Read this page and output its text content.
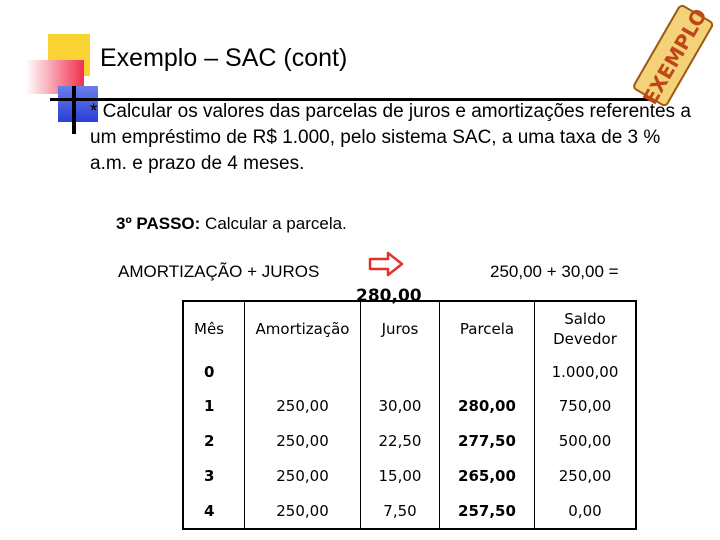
Exemplo – SAC (cont)	EXEMPLO
* Calcular os valores das parcelas de juros e amortizações referentes a um empréstimo de R$ 1.000, pelo sistema SAC, a uma taxa de 3 % a.m. e prazo de 4 meses.
3º PASSO: Calcular a parcela.
AMORTIZAÇÃO + JUROS	250,00 + 30,00 =
280,00
Mês	Amortização	Juros	Parcela	Saldo Devedor
0				1.000,00
1	250,00	30,00	280,00	750,00
2	250,00	22,50	277,50	500,00
3	250,00	15,00	265,00	250,00
4	250,00	7,50	257,50	0,00
